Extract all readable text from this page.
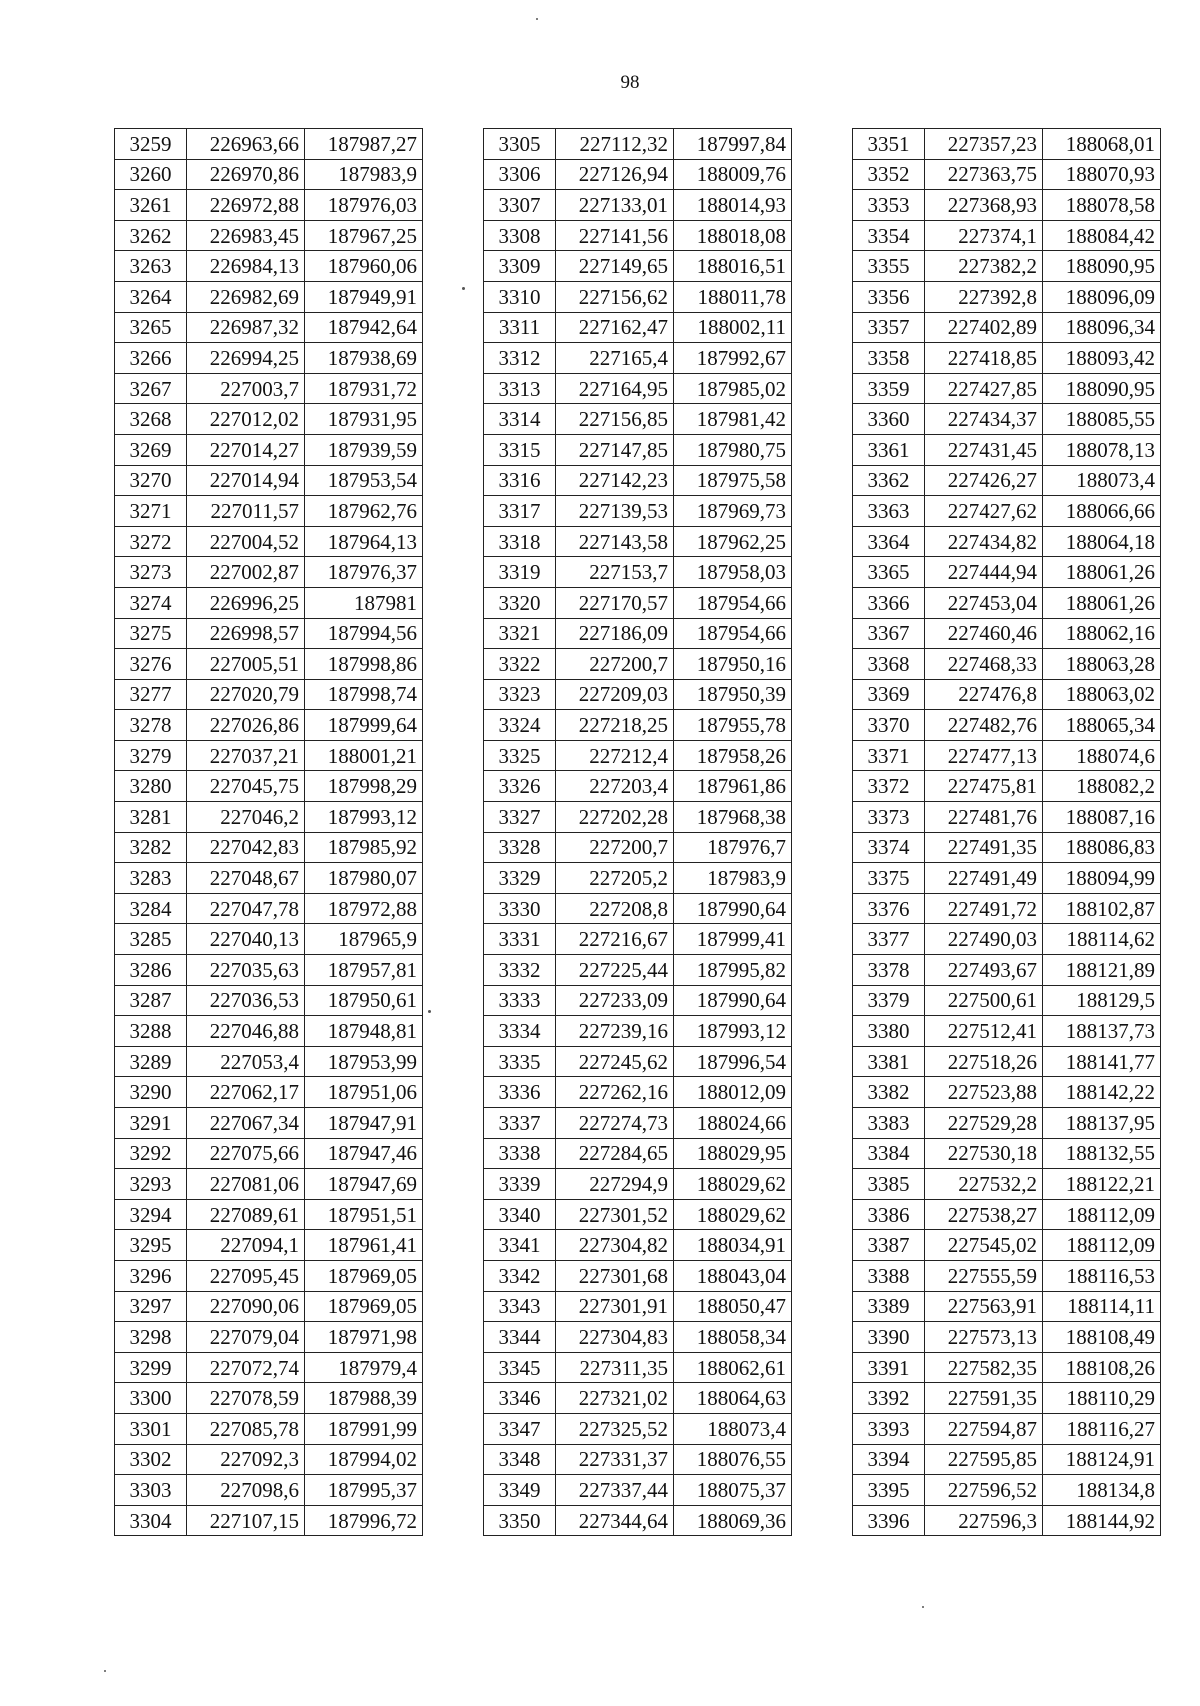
98
3259	226963,66	187987,27
3260	226970,86	187983,9
3261	226972,88	187976,03
3262	226983,45	187967,25
3263	226984,13	187960,06
3264	226982,69	187949,91
3265	226987,32	187942,64
3266	226994,25	187938,69
3267	227003,7	187931,72
3268	227012,02	187931,95
3269	227014,27	187939,59
3270	227014,94	187953,54
3271	227011,57	187962,76
3272	227004,52	187964,13
3273	227002,87	187976,37
3274	226996,25	187981
3275	226998,57	187994,56
3276	227005,51	187998,86
3277	227020,79	187998,74
3278	227026,86	187999,64
3279	227037,21	188001,21
3280	227045,75	187998,29
3281	227046,2	187993,12
3282	227042,83	187985,92
3283	227048,67	187980,07
3284	227047,78	187972,88
3285	227040,13	187965,9
3286	227035,63	187957,81
3287	227036,53	187950,61
3288	227046,88	187948,81
3289	227053,4	187953,99
3290	227062,17	187951,06
3291	227067,34	187947,91
3292	227075,66	187947,46
3293	227081,06	187947,69
3294	227089,61	187951,51
3295	227094,1	187961,41
3296	227095,45	187969,05
3297	227090,06	187969,05
3298	227079,04	187971,98
3299	227072,74	187979,4
3300	227078,59	187988,39
3301	227085,78	187991,99
3302	227092,3	187994,02
3303	227098,6	187995,37
3304	227107,15	187996,72
3305	227112,32	187997,84
3306	227126,94	188009,76
3307	227133,01	188014,93
3308	227141,56	188018,08
3309	227149,65	188016,51
3310	227156,62	188011,78
3311	227162,47	188002,11
3312	227165,4	187992,67
3313	227164,95	187985,02
3314	227156,85	187981,42
3315	227147,85	187980,75
3316	227142,23	187975,58
3317	227139,53	187969,73
3318	227143,58	187962,25
3319	227153,7	187958,03
3320	227170,57	187954,66
3321	227186,09	187954,66
3322	227200,7	187950,16
3323	227209,03	187950,39
3324	227218,25	187955,78
3325	227212,4	187958,26
3326	227203,4	187961,86
3327	227202,28	187968,38
3328	227200,7	187976,7
3329	227205,2	187983,9
3330	227208,8	187990,64
3331	227216,67	187999,41
3332	227225,44	187995,82
3333	227233,09	187990,64
3334	227239,16	187993,12
3335	227245,62	187996,54
3336	227262,16	188012,09
3337	227274,73	188024,66
3338	227284,65	188029,95
3339	227294,9	188029,62
3340	227301,52	188029,62
3341	227304,82	188034,91
3342	227301,68	188043,04
3343	227301,91	188050,47
3344	227304,83	188058,34
3345	227311,35	188062,61
3346	227321,02	188064,63
3347	227325,52	188073,4
3348	227331,37	188076,55
3349	227337,44	188075,37
3350	227344,64	188069,36
3351	227357,23	188068,01
3352	227363,75	188070,93
3353	227368,93	188078,58
3354	227374,1	188084,42
3355	227382,2	188090,95
3356	227392,8	188096,09
3357	227402,89	188096,34
3358	227418,85	188093,42
3359	227427,85	188090,95
3360	227434,37	188085,55
3361	227431,45	188078,13
3362	227426,27	188073,4
3363	227427,62	188066,66
3364	227434,82	188064,18
3365	227444,94	188061,26
3366	227453,04	188061,26
3367	227460,46	188062,16
3368	227468,33	188063,28
3369	227476,8	188063,02
3370	227482,76	188065,34
3371	227477,13	188074,6
3372	227475,81	188082,2
3373	227481,76	188087,16
3374	227491,35	188086,83
3375	227491,49	188094,99
3376	227491,72	188102,87
3377	227490,03	188114,62
3378	227493,67	188121,89
3379	227500,61	188129,5
3380	227512,41	188137,73
3381	227518,26	188141,77
3382	227523,88	188142,22
3383	227529,28	188137,95
3384	227530,18	188132,55
3385	227532,2	188122,21
3386	227538,27	188112,09
3387	227545,02	188112,09
3388	227555,59	188116,53
3389	227563,91	188114,11
3390	227573,13	188108,49
3391	227582,35	188108,26
3392	227591,35	188110,29
3393	227594,87	188116,27
3394	227595,85	188124,91
3395	227596,52	188134,8
3396	227596,3	188144,92
